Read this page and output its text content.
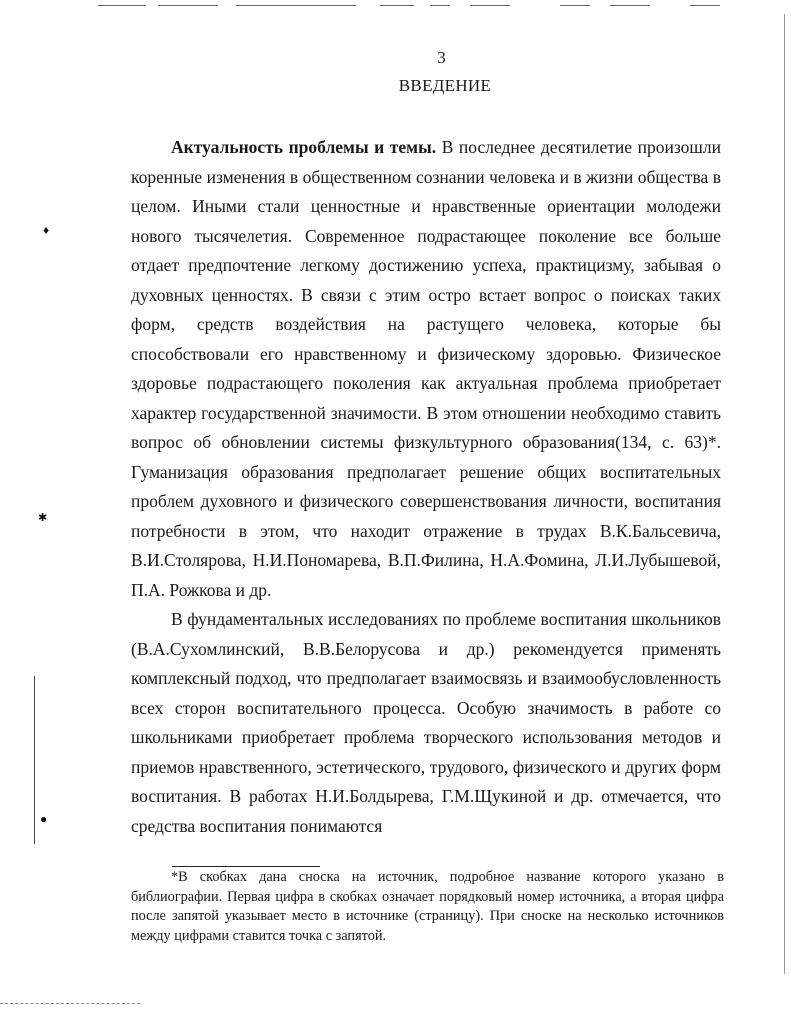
♦
✱
●
3
ВВЕДЕНИЕ

Актуальность проблемы и темы. В последнее десятилетие произошли коренные изменения в общественном сознании человека и в жизни общества в целом. Иными стали ценностные и нравственные ориентации молодежи нового тысячелетия. Современное подрастающее поколение все больше отдает предпочтение легкому достижению успеха, практицизму, забывая о духовных ценностях. В связи с этим остро встает вопрос о поисках таких форм, средств воздействия на растущего человека, которые бы способствовали его нравственному и физическому здоровью. Физическое здоровье подрастающего поколения как актуальная проблема приобретает характер государственной значимости. В этом отношении необходимо ставить вопрос об обновлении системы физкультурного образования(134, с. 63)*. Гуманизация образования предполагает решение общих воспитательных проблем духовного и физического совершенствования личности, воспитания потребности в этом, что находит отражение в трудах В.К.Бальсевича, В.И.Столярова, Н.И.Пономарева, В.П.Филина, Н.А.Фомина, Л.И.Лубышевой, П.А. Рожкова и др.

В фундаментальных исследованиях по проблеме воспитания школьников (В.А.Сухомлинский, В.В.Белорусова и др.) рекомендуется применять комплексный подход, что предполагает взаимосвязь и взаимообусловленность всех сторон воспитательного процесса. Особую значимость в работе со школьниками приобретает проблема творческого использования методов и приемов нравственного, эстетического, трудового, физического и других форм воспитания. В работах Н.И.Болдырева, Г.М.Щукиной и др. отмечается, что средства воспитания понимаются

*В скобках дана сноска на источник, подробное название которого указано в библиографии. Первая цифра в скобках означает порядковый номер источника, а вторая цифра после запятой указывает место в источнике (страницу). При сноске на несколько источников между цифрами ставится точка с запятой.
